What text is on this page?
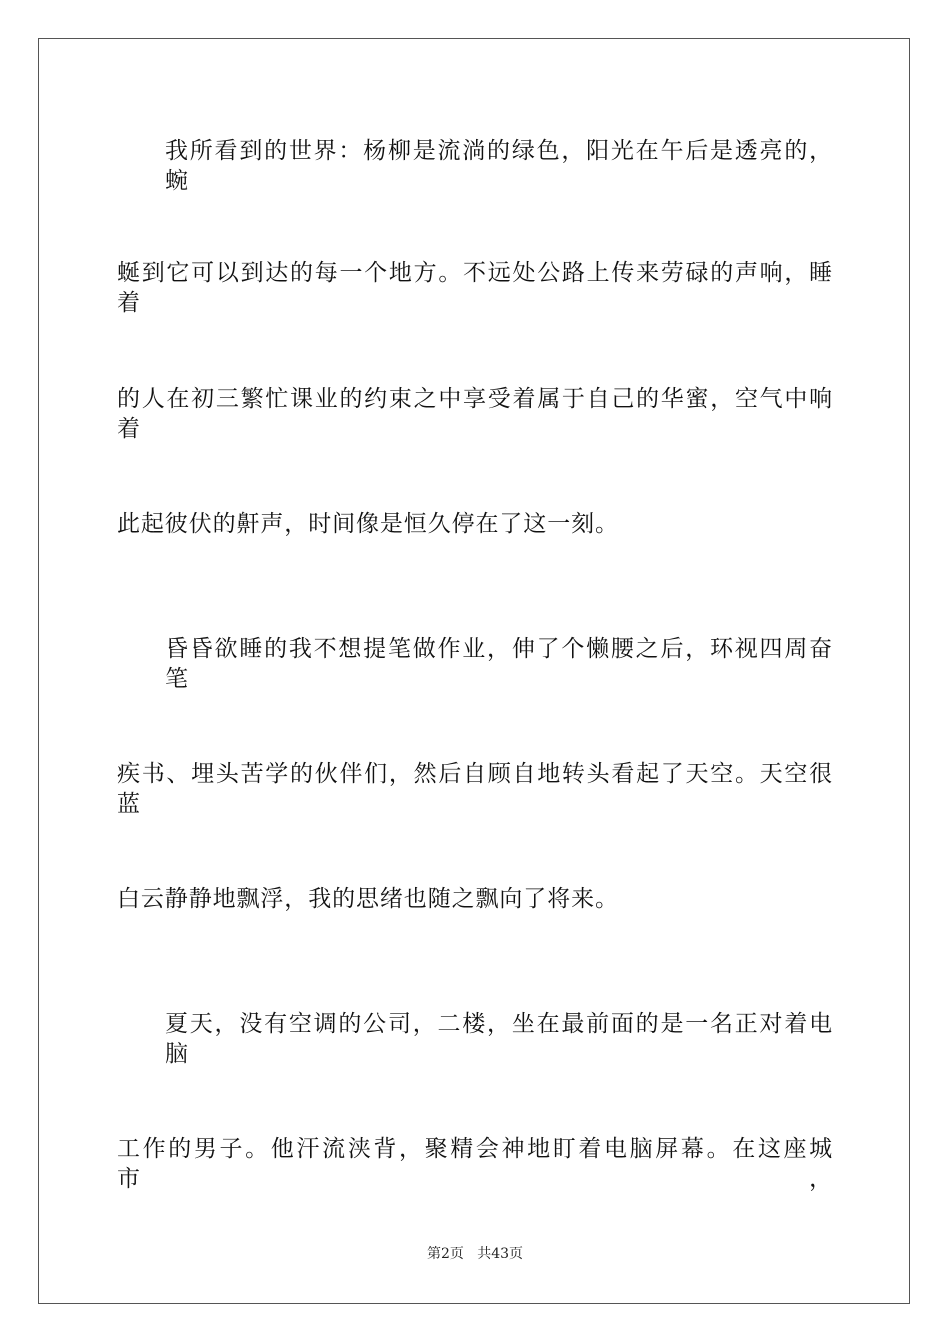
我所看到的世界：杨柳是流淌的绿色，阳光在午后是透亮的，蜿
蜒到它可以到达的每一个地方。不远处公路上传来劳碌的声响，睡着
的人在初三繁忙课业的约束之中享受着属于自己的华蜜，空气中响着
此起彼伏的鼾声，时间像是恒久停在了这一刻。
昏昏欲睡的我不想提笔做作业，伸了个懒腰之后，环视四周奋笔
疾书、埋头苦学的伙伴们，然后自顾自地转头看起了天空。天空很蓝
白云静静地飘浮，我的思绪也随之飘向了将来。
夏天，没有空调的公司，二楼，坐在最前面的是一名正对着电脑
工作的男子。他汗流浃背，聚精会神地盯着电脑屏幕。在这座城市，
第2页   共43页
